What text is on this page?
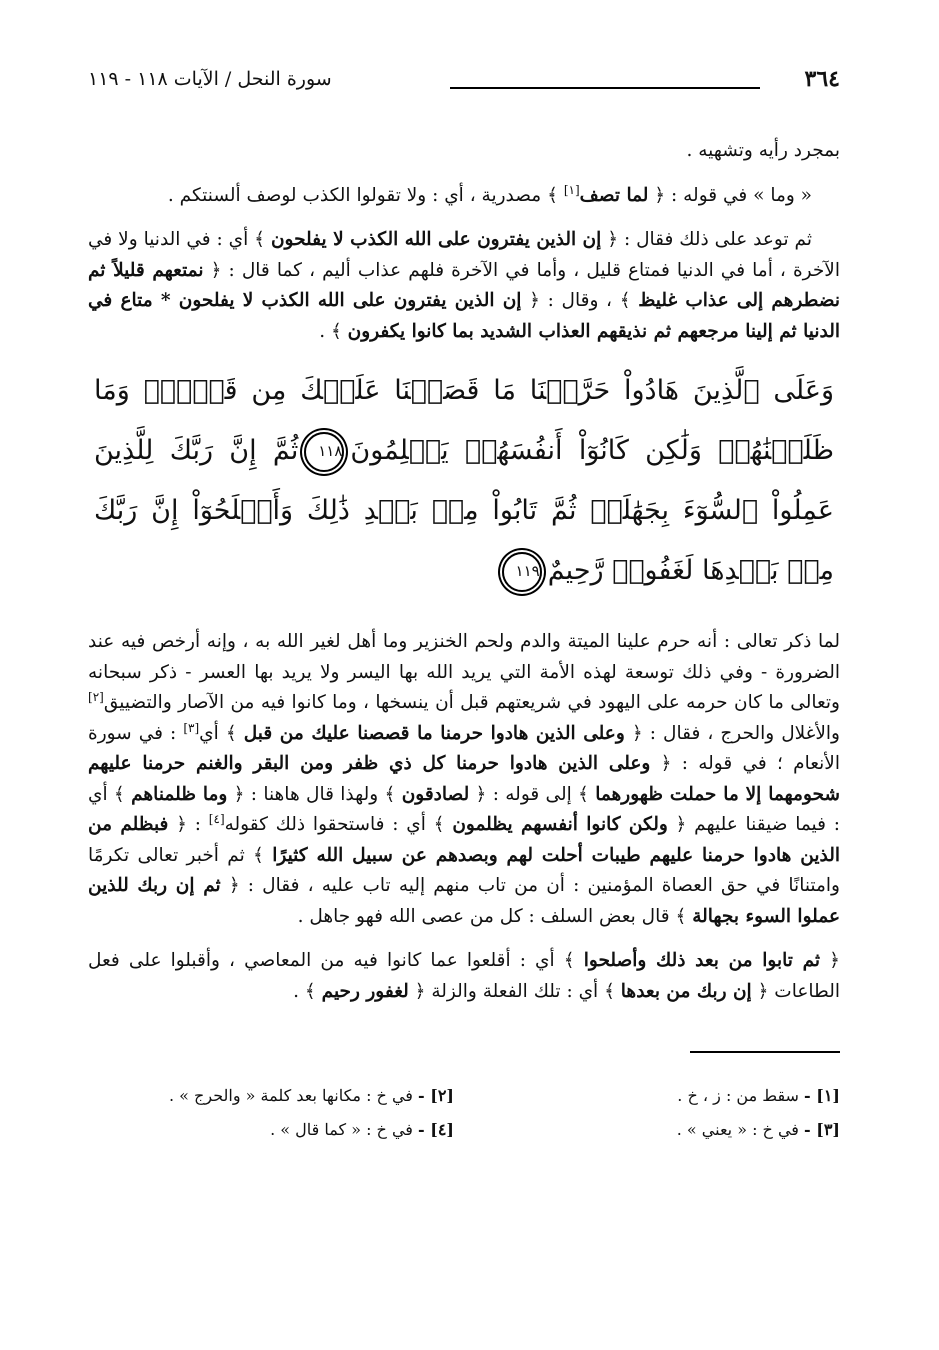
٣٦٤
سورة النحل / الآيات ١١٨ - ١١٩

بمجرد رأيه وتشهيه .

« وما » في قوله : ﴿ لما تصف[١] ﴾ مصدرية ، أي : ولا تقولوا الكذب لوصف ألسنتكم .

ثم توعد على ذلك فقال : ﴿ إن الذين يفترون على الله الكذب لا يفلحون ﴾ أي : في الدنيا ولا في الآخرة ، أما في الدنيا فمتاع قليل ، وأما في الآخرة فلهم عذاب أليم ، كما قال : ﴿ نمتعهم قليلاً ثم نضطرهم إلى عذاب غليظ ﴾ ، وقال : ﴿ إن الذين يفترون على الله الكذب لا يفلحون * متاع في الدنيا ثم إلينا مرجعهم ثم نذيقهم العذاب الشديد بما كانوا يكفرون ﴾ .

وَعَلَى ٱلَّذِينَ هَادُواْ حَرَّمۡنَا مَا قَصَصۡنَا عَلَيۡكَ مِن قَبۡلُۖ وَمَا ظَلَمۡنَٰهُمۡ وَلَٰكِن كَانُوٓاْ أَنفُسَهُمۡ يَظۡلِمُونَ١١٨ثُمَّ إِنَّ رَبَّكَ لِلَّذِينَ عَمِلُواْ ٱلسُّوٓءَ بِجَهَٰلَةٖ ثُمَّ تَابُواْ مِنۢ بَعۡدِ ذَٰلِكَ وَأَصۡلَحُوٓاْ إِنَّ رَبَّكَ مِنۢ بَعۡدِهَا لَغَفُورٞ رَّحِيمٌ١١٩

لما ذكر تعالى : أنه حرم علينا الميتة والدم ولحم الخنزير وما أهل لغير الله به ، وإنه أرخص فيه عند الضرورة - وفي ذلك توسعة لهذه الأمة التي يريد الله بها اليسر ولا يريد بها العسر - ذكر سبحانه وتعالى ما كان حرمه على اليهود في شريعتهم قبل أن ينسخها ، وما كانوا فيه من الآصار والتضييق[٢] والأغلال والحرج ، فقال : ﴿ وعلى الذين هادوا حرمنا ما قصصنا عليك من قبل ﴾ أي[٣] : في سورة الأنعام ؛ في قوله : ﴿ وعلى الذين هادوا حرمنا كل ذي ظفر ومن البقر والغنم حرمنا عليهم شحومهما إلا ما حملت ظهورهما ﴾ إلى قوله : ﴿ لصادقون ﴾ ولهذا قال هاهنا : ﴿ وما ظلمناهم ﴾ أي : فيما ضيقنا عليهم ﴿ ولكن كانوا أنفسهم يظلمون ﴾ أي : فاستحقوا ذلك كقوله[٤] : ﴿ فبظلم من الذين هادوا حرمنا عليهم طيبات أحلت لهم وبصدهم عن سبيل الله كثيرًا ﴾ ثم أخبر تعالى تكرمًا وامتنانًا في حق العصاة المؤمنين : أن من تاب منهم إليه تاب عليه ، فقال : ﴿ ثم إن ربك للذين عملوا السوء بجهالة ﴾ قال بعض السلف : كل من عصى الله فهو جاهل .

﴿ ثم تابوا من بعد ذلك وأصلحوا ﴾ أي : أقلعوا عما كانوا فيه من المعاصي ، وأقبلوا على فعل الطاعات ﴿ إن ربك من بعدها ﴾ أي : تلك الفعلة والزلة ﴿ لغفور رحيم ﴾ .

[١] - سقط من : ز ، خ .
[٢] - في خ : مكانها بعد كلمة « والحرج » .
[٣] - في خ : « يعني » .
[٤] - في خ : « كما قال » .
